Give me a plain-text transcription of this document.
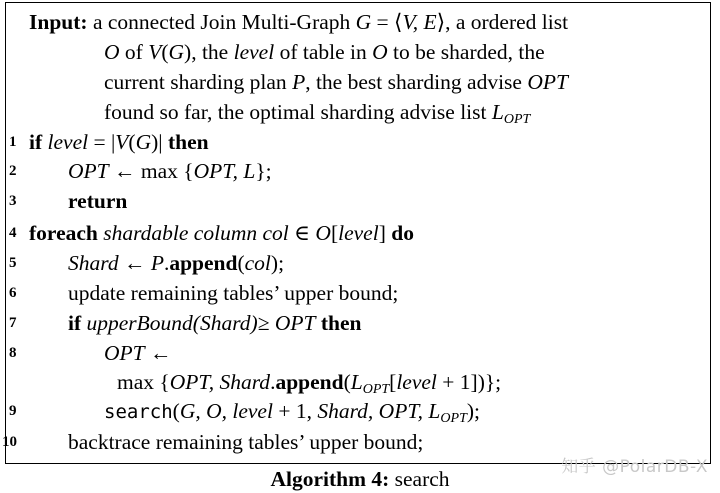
Input: a connected Join Multi-Graph G = ⟨V, E⟩, a ordered list
O of V(G), the level of table in O to be sharded, the
current sharding plan P, the best sharding advise OPT
found so far, the optimal sharding advise list $L_{OPT}$
1
2
3
4
5
6
7
8
9
10
if level = |V(G)| then
OPT ← max {OPT, L};
return
foreach shardable column col ∈ O[level] do
Shard ← P.append(col);
update remaining tables’ upper bound;
if upperBound(Shard)≥ OPT then
OPT ←
max {OPT, $Shard.append(L_{OPT}[level + 1])$};
search(G, O, level + 1, Shard, OPT, $L_{OPT}$);
backtrace remaining tables’ upper bound;
Algorithm 4: search	知乎 @PolarDB-X
